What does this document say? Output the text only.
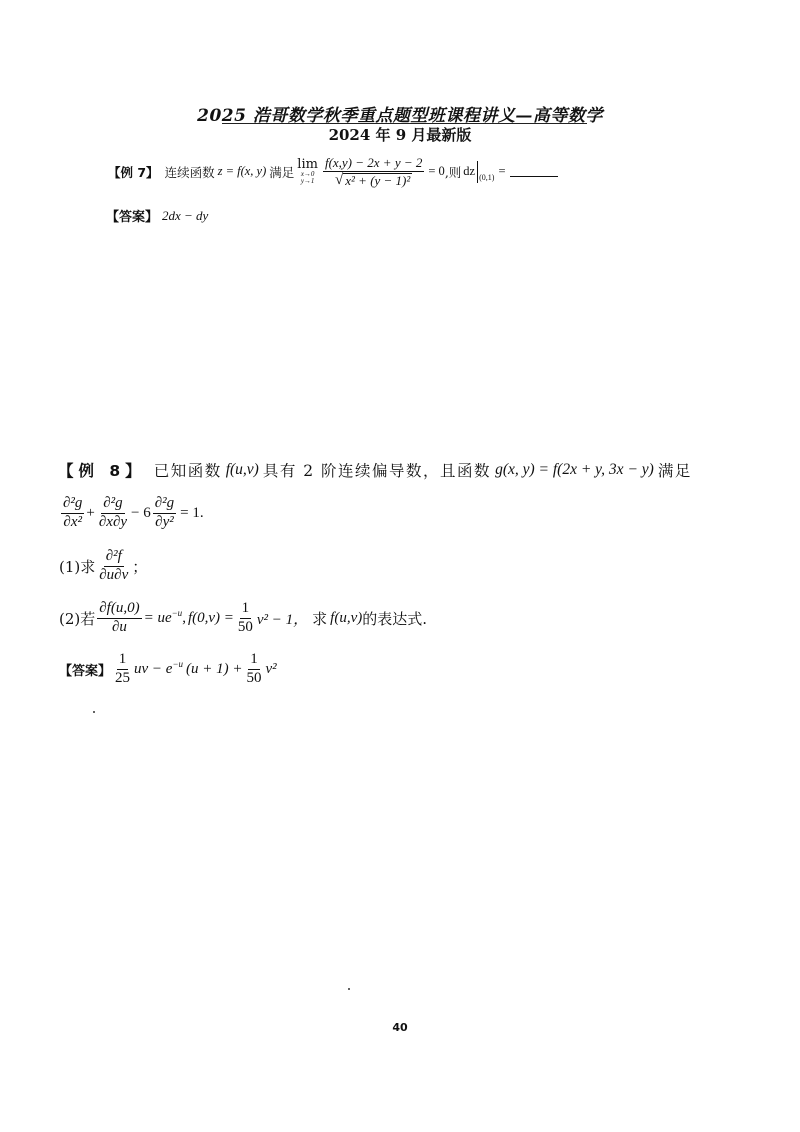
2025 浩哥数学秋季重点题型班课程讲义—高等数学
2024 年 9 月最新版
【例 7】 连续函数 z = f(x, y) 满足
lim
x→0
$y\to 1 \frac{f(x,y) - 2x + y - 2}{\text{√ x² + (y − 1)²}} = 0$ ,则 dz (0,1) =
【答案】 2dx − dy
【例 8】 已知函数 f(u,v) 具有 2 阶连续偏导数，且函数 g(x, y) = f(2x + y, 3x − y) 满足
$\frac{\text{∂²g}}{\text{∂x²}} + \frac{\text{∂²g}}{\partial x\partial y} - 6 \frac{\text{∂²g}}{\text{∂y²}} = 1$.
(1)求 $\frac{\text{∂²f}}{\partial u\partial v}$ ；
(2)若 $\frac{\partial f(u,0)}{\partial u} = ue^{-u}$ , $f(0,v) = \frac{1}{50} v^2 - 1$， 求 f(u,v) 的表达式.
【答案】 $\frac{1}{25}$ uv − $e^{-u}$ $(u + 1) + \frac{1}{50} v^2$
40
